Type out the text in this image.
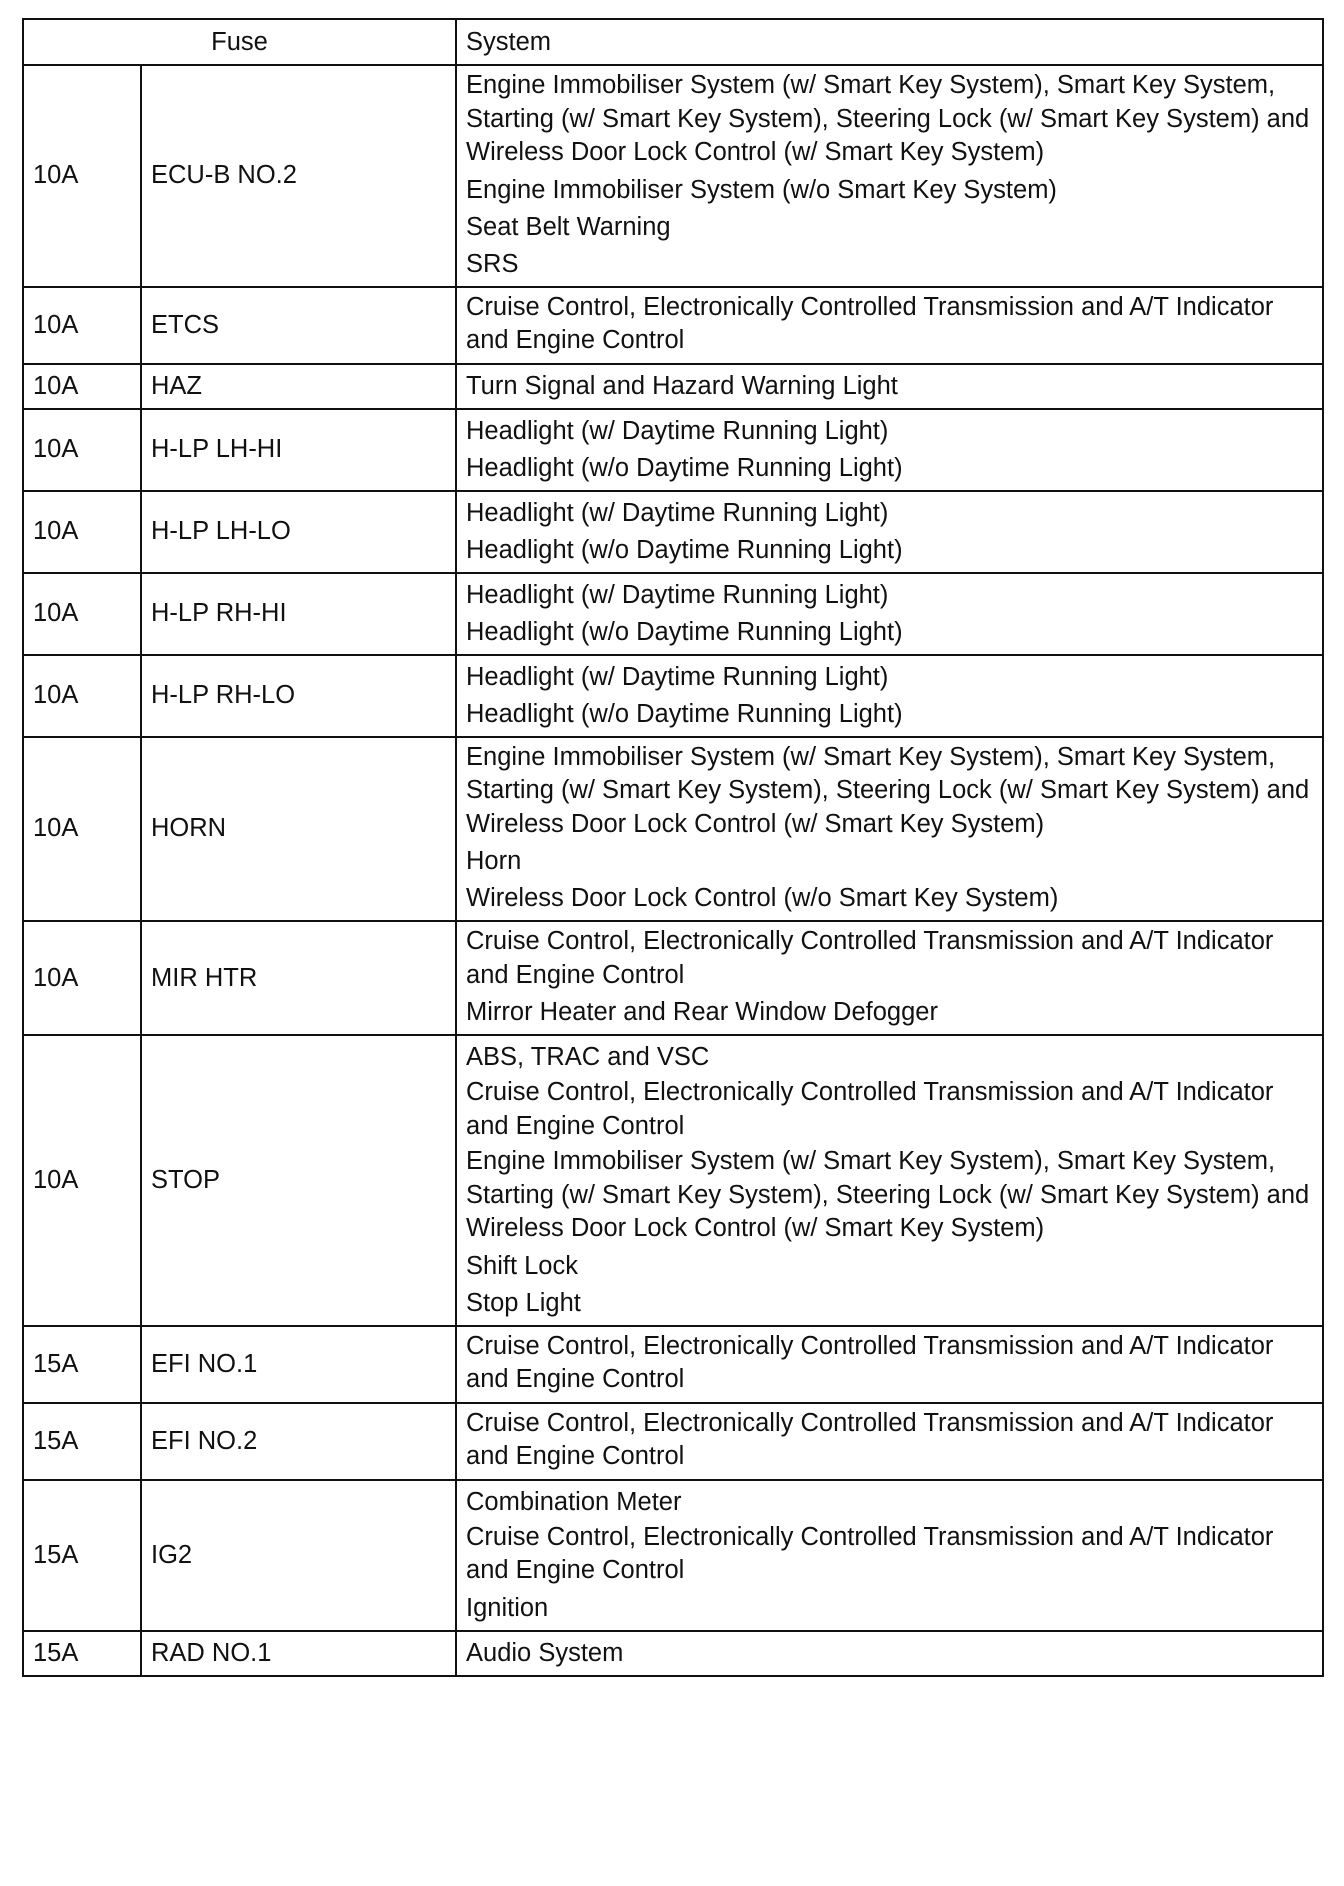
Fuse		System
10A	ECU-B NO.2	Engine Immobiliser System (w/ Smart Key System), Smart Key System, Starting (w/ Smart Key System), Steering Lock (w/ Smart Key System) and Wireless Door Lock Control (w/ Smart Key System)
Engine Immobiliser System (w/o Smart Key System)
Seat Belt Warning
SRS

10A	ETCS	Cruise Control, Electronically Controlled Transmission and A/T Indicator and Engine Control

10A	HAZ	Turn Signal and Hazard Warning Light

10A	H-LP LH-HI	Headlight (w/ Daytime Running Light)
Headlight (w/o Daytime Running Light)

10A	H-LP LH-LO	Headlight (w/ Daytime Running Light)
Headlight (w/o Daytime Running Light)

10A	H-LP RH-HI	Headlight (w/ Daytime Running Light)
Headlight (w/o Daytime Running Light)

10A	H-LP RH-LO	Headlight (w/ Daytime Running Light)
Headlight (w/o Daytime Running Light)

10A	HORN	Engine Immobiliser System (w/ Smart Key System), Smart Key System, Starting (w/ Smart Key System), Steering Lock (w/ Smart Key System) and Wireless Door Lock Control (w/ Smart Key System)
Horn
Wireless Door Lock Control (w/o Smart Key System)

10A	MIR HTR	Cruise Control, Electronically Controlled Transmission and A/T Indicator and Engine Control
Mirror Heater and Rear Window Defogger

10A	STOP	ABS, TRAC and VSC
Cruise Control, Electronically Controlled Transmission and A/T Indicator and Engine Control
Engine Immobiliser System (w/ Smart Key System), Smart Key System, Starting (w/ Smart Key System), Steering Lock (w/ Smart Key System) and Wireless Door Lock Control (w/ Smart Key System)
Shift Lock
Stop Light

15A	EFI NO.1	Cruise Control, Electronically Controlled Transmission and A/T Indicator and Engine Control

15A	EFI NO.2	Cruise Control, Electronically Controlled Transmission and A/T Indicator and Engine Control

15A	IG2	Combination Meter
Cruise Control, Electronically Controlled Transmission and A/T Indicator and Engine Control
Ignition

15A	RAD NO.1	Audio System
